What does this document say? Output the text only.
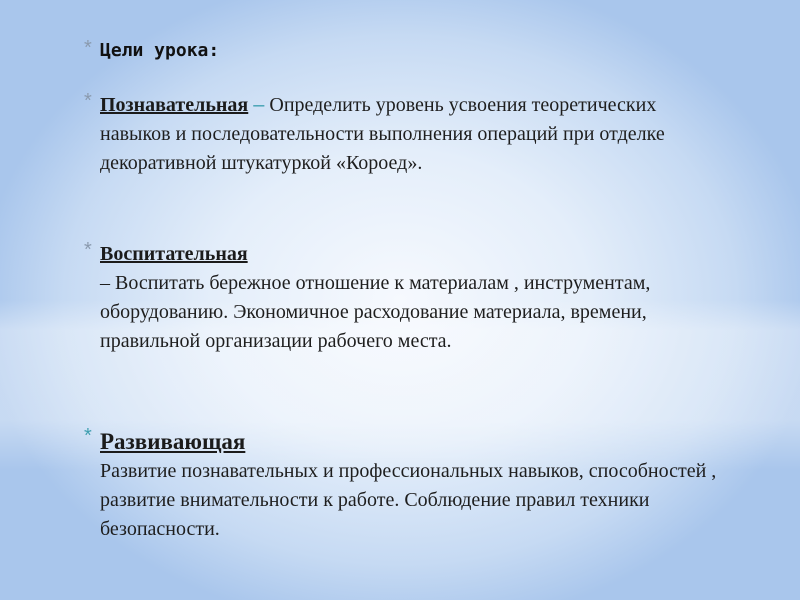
* Цели урока:
* Познавательная – Определить уровень усвоения теоретических навыков и последовательности выполнения операций при отделке декоративной штукатуркой «Короед».
* Воспитательная
– Воспитать бережное отношение к материалам , инструментам, оборудованию. Экономичное расходование материала, времени, правильной организации рабочего места.
* Развивающая
Развитие познавательных и профессиональных навыков, способностей , развитие внимательности к работе. Соблюдение правил техники безопасности.
